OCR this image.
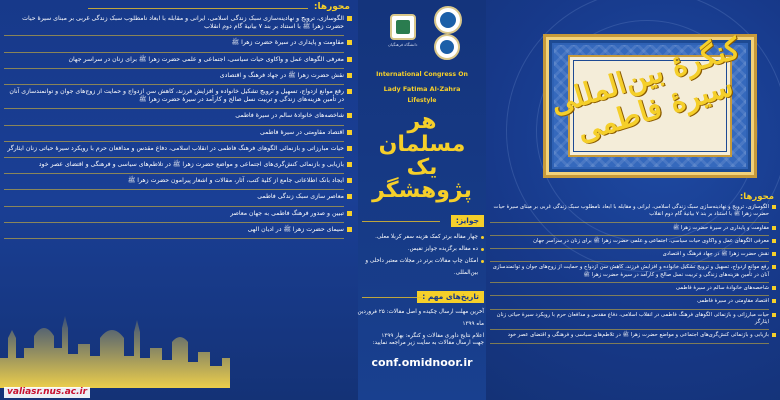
محورها:
الگوسازی، ترویج و نهادینه‌سازی سبک زندگی اسلامی، ایرانی و مقابله با ابعاد نامطلوب سبک زندگی غربی بر مبنای سیرۀ حیات حضرت زهرا ﷺ با استناد بر بند ۷ بیانیۀ گام دوم انقلاب
مقاومت و پایداری در سیرۀ حضرت زهرا ﷺ
معرفی الگوهای عمل و واکاوی حیات سیاسی، اجتماعی و علمی حضرت زهرا ﷺ برای زنان در سراسر جهان
نقش حضرت زهرا ﷺ در جهاد فرهنگ و اقتصادی
رفع موانع ازدواج، تسهیل و ترویج تشکیل خانواده و افزایش فرزند، کاهش سن ازدواج و حمایت از زوج‌های جوان و توانمندسازی آنان در تأمین هزینه‌های زندگی و تربیت نسل صالح و کارآمد در سیرۀ حضرت زهرا ﷺ
شاخصه‌های خانوادۀ سالم در سیرۀ فاطمی
اقتصاد مقاومتی در سیرۀ فاطمی
حیات مبارزاتی و بازنمائی الگوهای فرهنگ فاطمی در انقلاب اسلامی، دفاع مقدس و مدافعان حرم با رویکرد سیرۀ حیاتی زنان ایثارگر
بازیابی و بازنمائی کنش‌گری‌های اجتماعی و مواضع حضرت زهرا ﷺ در تلاطم‌های سیاسی و فرهنگی و اقتضای عصر خود
ایجاد بانک اطلاعاتی جامع از کلیۀ کتب، آثار، مقالات و اشعار پیرامون حضرت زهرا ﷺ
معاصر سازی سبک زندگی فاطمی
تبیین و صدور فرهنگ فاطمی به جهان معاصر
سیمای حضرت زهرا ﷺ در ادیان الهی
valiasr.nus.ac.ir
دانشگاه فرهنگیان
International Congress On
Lady Fatima Al-Zahra
Lifestyle
هر
مسلمان
یک
پژوهشگر
جوایز:
چهار مقاله برتر کمک هزینه سفر کربلا معلی.
ده مقاله برگزیده جوایز نفیس.
امکان چاپ مقالات برتر در مجلات معتبر داخلی و بین‌المللی.
تاریخ‌های مهم :
آخرین مهلت ارسال چکیده و اصل مقالات: ۲۵ فروردین ماه ۱۳۹۹
اعلام نتایج داوری مقالات و کنگره: بهار ۱۳۹۹
جهت ارسال مقالات به سایت زیر مراجعه نمایید:
conf.omidnoor.ir
کنگرۀ بین‌المللی سیرۀ فاطمی
محورها:
الگوسازی، ترویج و نهادینه‌سازی سبک زندگی اسلامی، ایرانی و مقابله با ابعاد نامطلوب سبک زندگی غربی بر مبنای سیرۀ حیات حضرت زهرا ﷺ با استناد بر بند ۷ بیانیۀ گام دوم انقلاب
مقاومت و پایداری در سیرۀ حضرت زهرا ﷺ
معرفی الگوهای عمل و واکاوی حیات سیاسی، اجتماعی و علمی حضرت زهرا ﷺ برای زنان در سراسر جهان
نقش حضرت زهرا ﷺ در جهاد فرهنگ و اقتصادی
رفع موانع ازدواج، تسهیل و ترویج تشکیل خانواده و افزایش فرزند، کاهش سن ازدواج و حمایت از زوج‌های جوان و توانمندسازی آنان در تأمین هزینه‌های زندگی و تربیت نسل صالح و کارآمد در سیرۀ حضرت زهرا ﷺ
شاخصه‌های خانوادۀ سالم در سیرۀ فاطمی
اقتصاد مقاومتی در سیرۀ فاطمی
حیات مبارزاتی و بازنمائی الگوهای فرهنگ فاطمی در انقلاب اسلامی، دفاع مقدس و مدافعان حرم با رویکرد سیرۀ حیاتی زنان ایثارگر
بازیابی و بازنمائی کنش‌گری‌های اجتماعی و مواضع حضرت زهرا ﷺ در تلاطم‌های سیاسی و فرهنگی و اقتضای عصر خود
